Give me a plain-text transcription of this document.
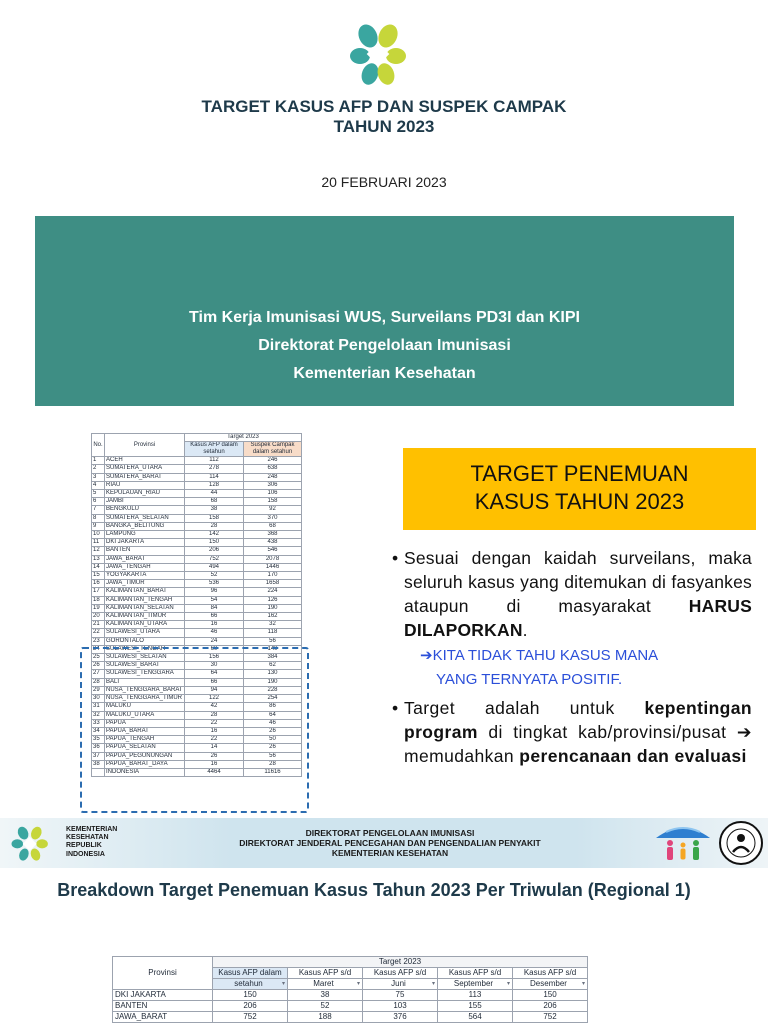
TARGET KASUS AFP DAN SUSPEK CAMPAK
TAHUN 2023
20 FEBRUARI 2023
Tim Kerja Imunisasi WUS, Surveilans PD3I dan KIPI
Direktorat Pengelolaan Imunisasi
Kementerian Kesehatan
No.	Provinsi	Target 2023	
		Kasus AFP dalam setahun	Suspek Campak dalam setahun

1	ACEH	112	246
2	SUMATERA_UTARA	278	638
3	SUMATERA_BARAT	114	248
4	RIAU	128	306
5	KEPULAUAN_RIAU	44	106
6	JAMBI	68	158
7	BENGKULU	38	92
8	SUMATERA_SELATAN	158	370
9	BANGKA_BELITUNG	28	68
10	LAMPUNG	142	368
11	DKI JAKARTA	150	438
12	BANTEN	206	546
13	JAWA_BARAT	752	2078
14	JAWA_TENGAH	494	1446
15	YOGYAKARTA	52	170
16	JAWA_TIMUR	536	1658
17	KALIMANTAN_BARAT	96	224
18	KALIMANTAN_TENGAH	54	126
19	KALIMANTAN_SELATAN	84	190
20	KALIMANTAN_TIMUR	66	162
21	KALIMANTAN_UTARA	16	32
22	SULAWESI_UTARA	46	118
23	GORONTALO	24	56
24	SULAWESI_TENGAH	60	140
25	SULAWESI_SELATAN	156	384
26	SULAWESI_BARAT	30	62
27	SULAWESI_TENGGARA	64	130
28	BALI	66	190
29	NUSA_TENGGARA_BARAT	94	228
30	NUSA_TENGGARA_TIMUR	122	254
31	MALUKU	42	86
32	MALUKU_UTARA	28	64
33	PAPUA	22	46
34	PAPUA_BARAT	16	26
35	PAPUA_TENGAH	22	50
36	PAPUA_SELATAN	14	26
37	PAPUA_PEGUNUNGAN	26	56
38	PAPUA_BARAT_DAYA	16	28
	INDONESIA	4464	11616
TARGET PENEMUAN
KASUS TAHUN 2023
• Sesuai dengan kaidah surveilans, maka seluruh kasus yang ditemukan di fasyankes ataupun di masyarakat HARUS DILAPORKAN.
➔KITA TIDAK TAHU KASUS MANA
YANG TERNYATA POSITIF.
• Target adalah untuk kepentingan program di tingkat kab/provinsi/pusat ➔ memudahkan perencanaan dan evaluasi
KEMENTERIAN
KESEHATAN
REPUBLIK
INDONESIA
DIREKTORAT PENGELOLAAN IMUNISASI
DIREKTORAT JENDERAL PENCEGAHAN DAN PENGENDALIAN PENYAKIT
KEMENTERIAN KESEHATAN
Breakdown Target Penemuan Kasus Tahun 2023 Per Triwulan (Regional 1)
Provinsi	Target 2023				
	Kasus AFP dalam	Kasus AFP s/d	Kasus AFP s/d	Kasus AFP s/d	Kasus AFP s/d
	setahun ▾	Maret ▾	Juni ▾	September ▾	Desember ▾

DKI JAKARTA	150	38	75	113	150
BANTEN	206	52	103	155	206
JAWA_BARAT	752	188	376	564	752
